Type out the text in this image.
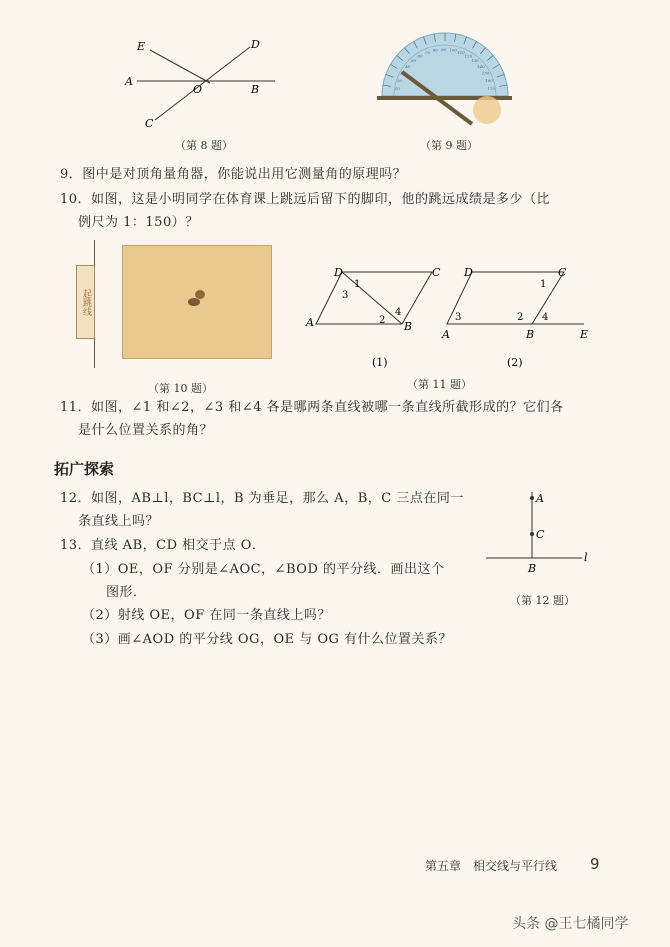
E	D
A
O	B
C
（第 8 题）
10
20
40
50
60
70 80 90 100 110
120
130
140
150
160
170
（第 9 题）
9．图中是对顶角量角器，你能说出用它测量角的原理吗？
10．如图，这是小明同学在体育课上跳远后留下的脚印，他的跳远成绩是多少（比
例尺为 1：150）？
起跳线
（第 10 题）
D	C
A	B
1
3
2
4
D	C
A	B	E
1
2
3	4
(1)	(2)
（第 11 题）
11．如图，∠1 和∠2，∠3 和∠4 各是哪两条直线被哪一条直线所截形成的？它们各
是什么位置关系的角？
拓广探索
12．如图，AB⊥l，BC⊥l，B 为垂足，那么 A，B，C 三点在同一
条直线上吗？
13．直线 AB，CD 相交于点 O．
（1）OE，OF 分别是∠AOC，∠BOD 的平分线．画出这个
图形．
（2）射线 OE，OF 在同一条直线上吗？
（3）画∠AOD 的平分线 OG，OE 与 OG 有什么位置关系？
A
C
B
l
（第 12 题）
第五章　相交线与平行线 9
头条 @王七橘同学
